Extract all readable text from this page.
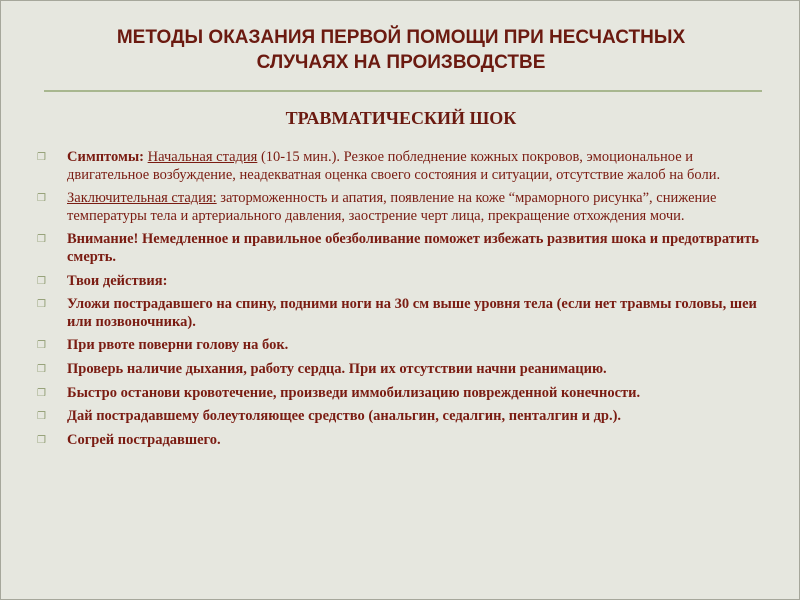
МЕТОДЫ ОКАЗАНИЯ ПЕРВОЙ ПОМОЩИ ПРИ НЕСЧАСТНЫХ
СЛУЧАЯХ НА ПРОИЗВОДСТВЕ
ТРАВМАТИЧЕСКИЙ ШОК
❒ Симптомы: Начальная стадия (10-15 мин.). Резкое побледнение кожных покровов, эмоциональное и двигательное возбуждение, неадекватная оценка своего состояния и ситуации, отсутствие жалоб на боли.
❒ Заключительная стадия: заторможенность и апатия, появление на коже “мраморного рисунка”, снижение температуры тела и артериального давления, заострение черт лица, прекращение отхождения мочи.
❒ Внимание! Немедленное и правильное обезболивание поможет избежать развития шока и предотвратить смерть.
❒ Твои действия:
❒ Уложи пострадавшего на спину, подними ноги на 30 см выше уровня тела (если нет травмы головы, шеи или позвоночника).
❒ При рвоте поверни голову на бок.
❒ Проверь наличие дыхания, работу сердца. При их отсутствии начни реанимацию.
❒ Быстро останови кровотечение, произведи иммобилизацию поврежденной конечности.
❒ Дай пострадавшему болеутоляющее средство (анальгин, седалгин, пенталгин и др.).
❒ Согрей пострадавшего.
